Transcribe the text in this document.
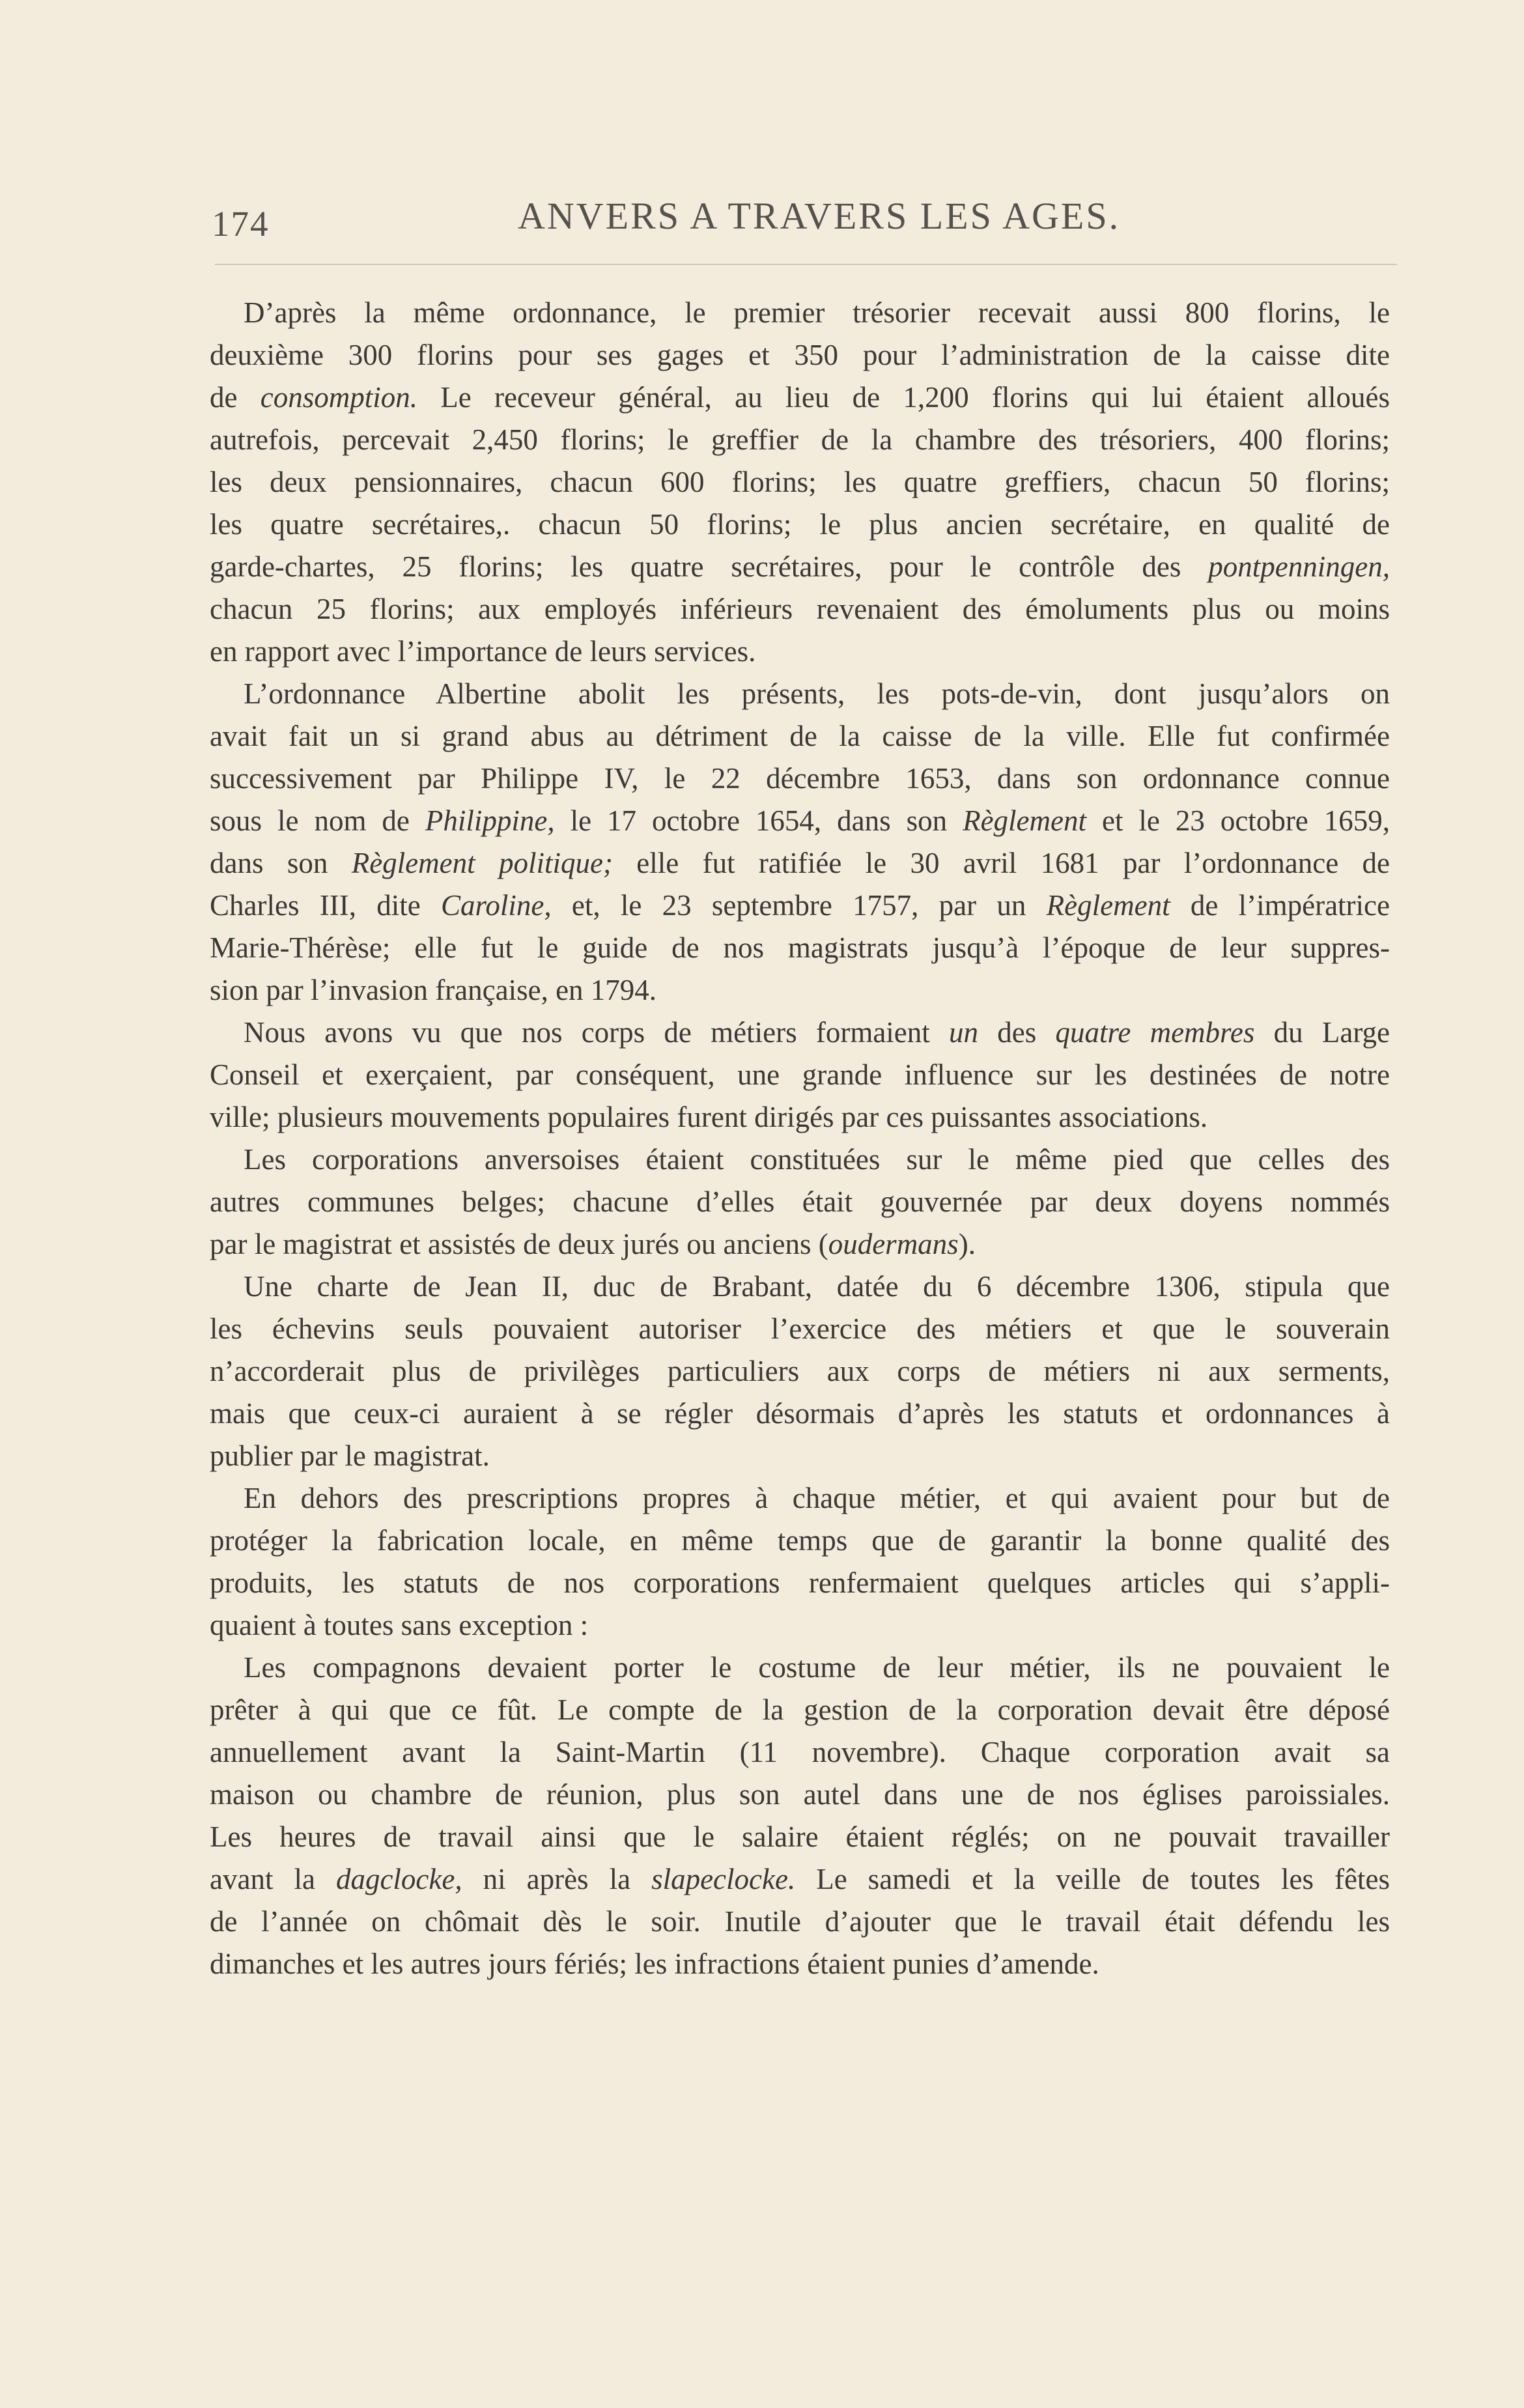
174	ANVERS A TRAVERS LES AGES.
D’après la même ordonnance, le premier trésorier recevait aussi 800 florins, le
deuxième 300 florins pour ses gages et 350 pour l’administration de la caisse dite
de consomption. Le receveur général, au lieu de 1,200 florins qui lui étaient alloués
autrefois, percevait 2,450 florins; le greffier de la chambre des trésoriers, 400 florins;
les deux pensionnaires, chacun 600 florins; les quatre greffiers, chacun 50 florins;
les quatre secrétaires,. chacun 50 florins; le plus ancien secrétaire, en qualité de
garde-chartes, 25 florins; les quatre secrétaires, pour le contrôle des pontpenningen,
chacun 25 florins; aux employés inférieurs revenaient des émoluments plus ou moins
en rapport avec l’importance de leurs services.
L’ordonnance Albertine abolit les présents, les pots-de-vin, dont jusqu’alors on
avait fait un si grand abus au détriment de la caisse de la ville. Elle fut confirmée
successivement par Philippe IV, le 22 décembre 1653, dans son ordonnance connue
sous le nom de Philippine, le 17 octobre 1654, dans son Règlement et le 23 octobre 1659,
dans son Règlement politique; elle fut ratifiée le 30 avril 1681 par l’ordonnance de
Charles III, dite Caroline, et, le 23 septembre 1757, par un Règlement de l’impératrice
Marie-Thérèse; elle fut le guide de nos magistrats jusqu’à l’époque de leur suppres-
sion par l’invasion française, en 1794.
Nous avons vu que nos corps de métiers formaient un des quatre membres du Large
Conseil et exerçaient, par conséquent, une grande influence sur les destinées de notre
ville; plusieurs mouvements populaires furent dirigés par ces puissantes associations.
Les corporations anversoises étaient constituées sur le même pied que celles des
autres communes belges; chacune d’elles était gouvernée par deux doyens nommés
par le magistrat et assistés de deux jurés ou anciens (oudermans).
Une charte de Jean II, duc de Brabant, datée du 6 décembre 1306, stipula que
les échevins seuls pouvaient autoriser l’exercice des métiers et que le souverain
n’accorderait plus de privilèges particuliers aux corps de métiers ni aux serments,
mais que ceux-ci auraient à se régler désormais d’après les statuts et ordonnances à
publier par le magistrat.
En dehors des prescriptions propres à chaque métier, et qui avaient pour but de
protéger la fabrication locale, en même temps que de garantir la bonne qualité des
produits, les statuts de nos corporations renfermaient quelques articles qui s’appli-
quaient à toutes sans exception :
Les compagnons devaient porter le costume de leur métier, ils ne pouvaient le
prêter à qui que ce fût. Le compte de la gestion de la corporation devait être déposé
annuellement avant la Saint-Martin (11 novembre). Chaque corporation avait sa
maison ou chambre de réunion, plus son autel dans une de nos églises paroissiales.
Les heures de travail ainsi que le salaire étaient réglés; on ne pouvait travailler
avant la dagclocke, ni après la slapeclocke. Le samedi et la veille de toutes les fêtes
de l’année on chômait dès le soir. Inutile d’ajouter que le travail était défendu les
dimanches et les autres jours fériés; les infractions étaient punies d’amende.
